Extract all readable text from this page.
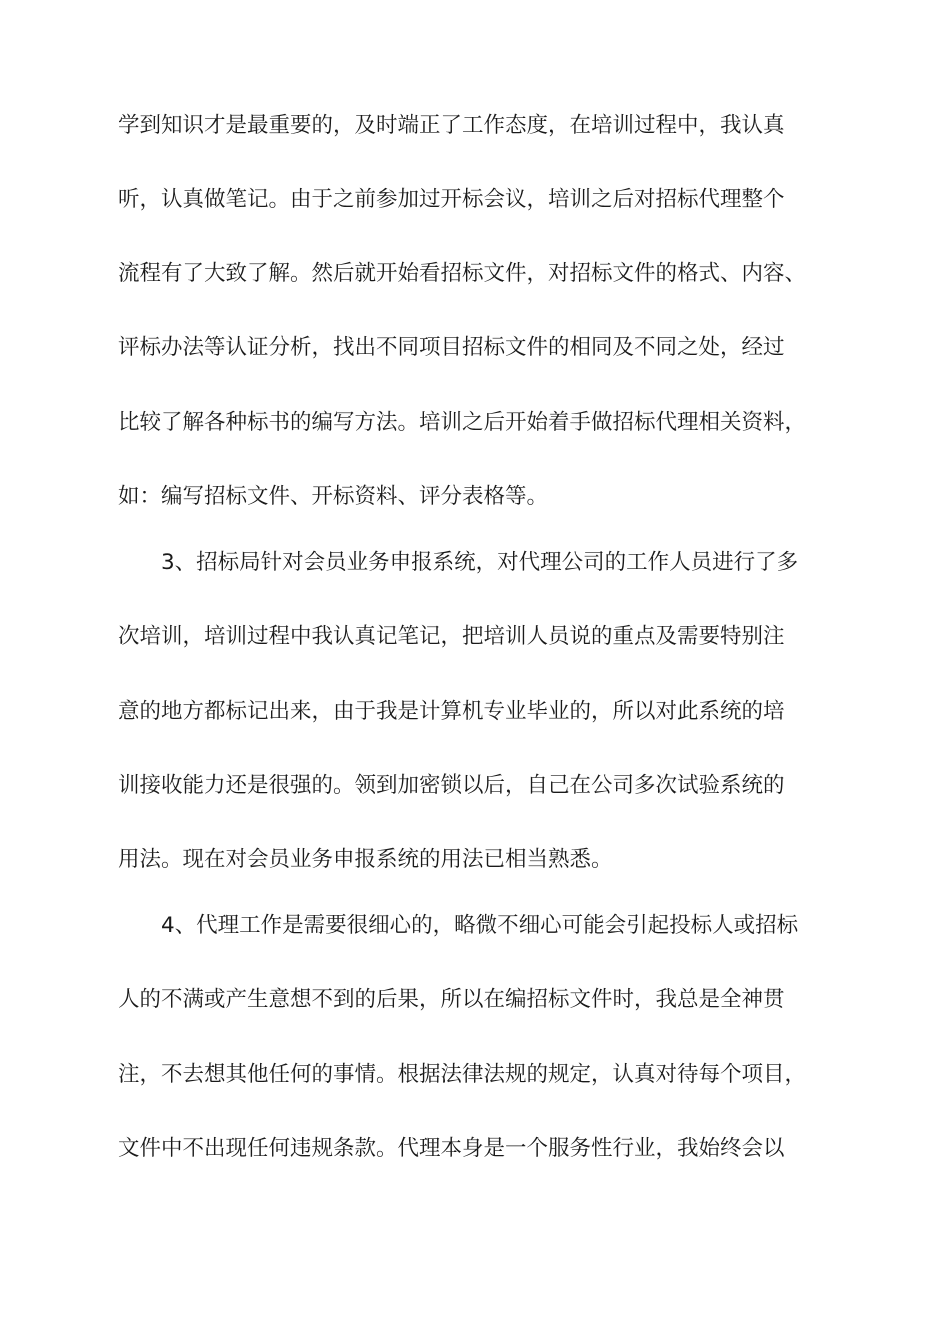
学到知识才是最重要的，及时端正了工作态度，在培训过程中，我认真
听，认真做笔记。由于之前参加过开标会议，培训之后对招标代理整个
流程有了大致了解。然后就开始看招标文件，对招标文件的格式、内容、
评标办法等认证分析，找出不同项目招标文件的相同及不同之处，经过
比较了解各种标书的编写方法。培训之后开始着手做招标代理相关资料，
如：编写招标文件、开标资料、评分表格等。
　　3、招标局针对会员业务申报系统，对代理公司的工作人员进行了多
次培训，培训过程中我认真记笔记，把培训人员说的重点及需要特别注
意的地方都标记出来，由于我是计算机专业毕业的，所以对此系统的培
训接收能力还是很强的。领到加密锁以后，自己在公司多次试验系统的
用法。现在对会员业务申报系统的用法已相当熟悉。
　　4、代理工作是需要很细心的，略微不细心可能会引起投标人或招标
人的不满或产生意想不到的后果，所以在编招标文件时，我总是全神贯
注，不去想其他任何的事情。根据法律法规的规定，认真对待每个项目，
文件中不出现任何违规条款。代理本身是一个服务性行业，我始终会以
